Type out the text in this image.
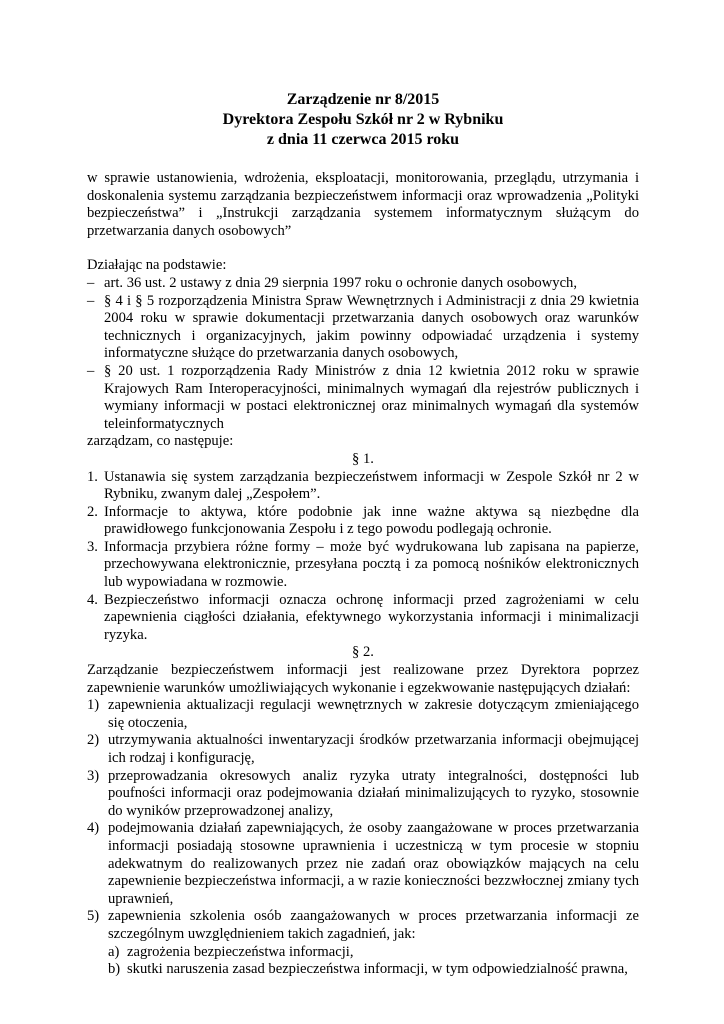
Zarządzenie nr 8/2015
Dyrektora Zespołu Szkół nr 2 w Rybniku
z dnia 11 czerwca 2015 roku

w sprawie ustanowienia, wdrożenia, eksploatacji, monitorowania, przeglądu, utrzymania i doskonalenia systemu zarządzania bezpieczeństwem informacji oraz wprowadzenia „Polityki bezpieczeństwa” i „Instrukcji zarządzania systemem informatycznym służącym do przetwarzania danych osobowych”

Działając na podstawie:

– art. 36 ust. 2 ustawy z dnia 29 sierpnia 1997 roku o ochronie danych osobowych,
– § 4 i § 5 rozporządzenia Ministra Spraw Wewnętrznych i Administracji z dnia 29 kwietnia 2004 roku w sprawie dokumentacji przetwarzania danych osobowych oraz warunków technicznych i organizacyjnych, jakim powinny odpowiadać urządzenia i systemy informatyczne służące do przetwarzania danych osobowych,
– § 20 ust. 1 rozporządzenia Rady Ministrów z dnia 12 kwietnia 2012 roku w sprawie Krajowych Ram Interoperacyjności, minimalnych wymagań dla rejestrów publicznych i wymiany informacji w postaci elektronicznej oraz minimalnych wymagań dla systemów teleinformatycznych

zarządzam, co następuje:

§ 1.
1. Ustanawia się system zarządzania bezpieczeństwem informacji w Zespole Szkół nr 2 w Rybniku, zwanym dalej „Zespołem”.
2. Informacje to aktywa, które podobnie jak inne ważne aktywa są niezbędne dla prawidłowego funkcjonowania Zespołu i z tego powodu podlegają ochronie.
3. Informacja przybiera różne formy – może być wydrukowana lub zapisana na papierze, przechowywana elektronicznie, przesyłana pocztą i za pomocą nośników elektronicznych lub wypowiadana w rozmowie.
4. Bezpieczeństwo informacji oznacza ochronę informacji przed zagrożeniami w celu zapewnienia ciągłości działania, efektywnego wykorzystania informacji i minimalizacji ryzyka.
§ 2.

Zarządzanie bezpieczeństwem informacji jest realizowane przez Dyrektora poprzez zapewnienie warunków umożliwiających wykonanie i egzekwowanie następujących działań:

1) zapewnienia aktualizacji regulacji wewnętrznych w zakresie dotyczącym zmieniającego się otoczenia,
2) utrzymywania aktualności inwentaryzacji środków przetwarzania informacji obejmującej ich rodzaj i konfigurację,
3) przeprowadzania okresowych analiz ryzyka utraty integralności, dostępności lub poufności informacji oraz podejmowania działań minimalizujących to ryzyko, stosownie do wyników przeprowadzonej analizy,
4) podejmowania działań zapewniających, że osoby zaangażowane w proces przetwarzania informacji posiadają stosowne uprawnienia i uczestniczą w tym procesie w stopniu adekwatnym do realizowanych przez nie zadań oraz obowiązków mających na celu zapewnienie bezpieczeństwa informacji, a w razie konieczności bezzwłocznej zmiany tych uprawnień,
5) zapewnienia szkolenia osób zaangażowanych w proces przetwarzania informacji ze szczególnym uwzględnieniem takich zagadnień, jak:
a) zagrożenia bezpieczeństwa informacji,
b) skutki naruszenia zasad bezpieczeństwa informacji, w tym odpowiedzialność prawna,
